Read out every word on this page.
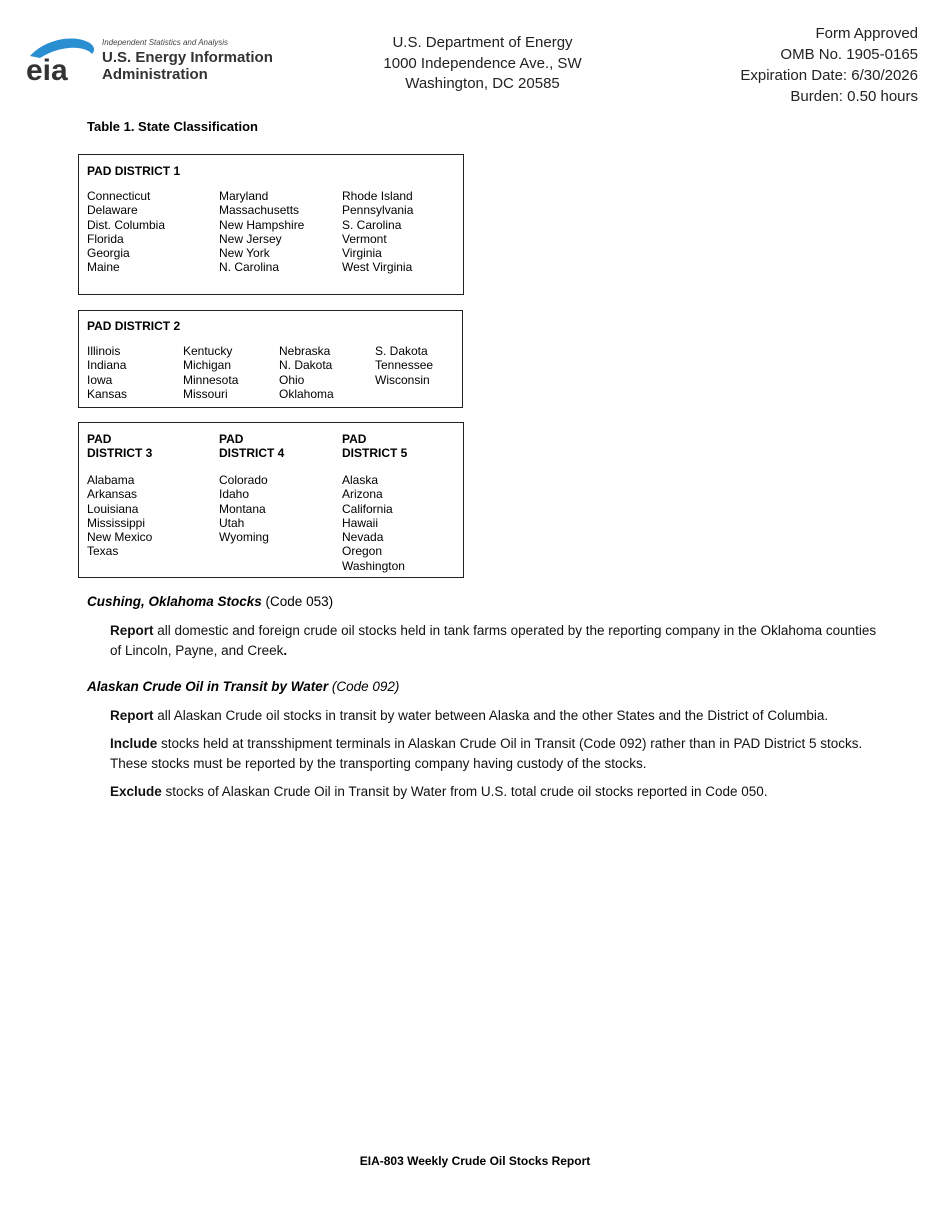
eia
Independent Statistics and Analysis
U.S. Energy Information
Administration
U.S. Department of Energy
1000 Independence Ave., SW
Washington, DC 20585
Form Approved
OMB No. 1905-0165
Expiration Date: 6/30/2026
Burden: 0.50 hours
Table 1. State Classification
PAD DISTRICT 1
Connecticut
Delaware
Dist. Columbia
Florida
Georgia
Maine
Maryland
Massachusetts
New Hampshire
New Jersey
New York
N. Carolina
Rhode Island
Pennsylvania
S. Carolina
Vermont
Virginia
West Virginia
PAD DISTRICT 2
Illinois
Indiana
Iowa
Kansas
Kentucky
Michigan
Minnesota
Missouri
Nebraska
N. Dakota
Ohio
Oklahoma
S. Dakota
Tennessee
Wisconsin
PAD
DISTRICT 3
PAD
DISTRICT 4
PAD
DISTRICT 5
Alabama
Arkansas
Louisiana
Mississippi
New Mexico
Texas
Colorado
Idaho
Montana
Utah
Wyoming
Alaska
Arizona
California
Hawaii
Nevada
Oregon
Washington
Cushing, Oklahoma Stocks (Code 053)
Report all domestic and foreign crude oil stocks held in tank farms operated by the reporting company in the Oklahoma counties of Lincoln, Payne, and Creek.
Alaskan Crude Oil in Transit by Water (Code 092)
Report all Alaskan Crude oil stocks in transit by water between Alaska and the other States and the District of Columbia.
Include stocks held at transshipment terminals in Alaskan Crude Oil in Transit (Code 092) rather than in PAD District 5 stocks. These stocks must be reported by the transporting company having custody of the stocks.
Exclude stocks of Alaskan Crude Oil in Transit by Water from U.S. total crude oil stocks reported in Code 050.
EIA-803 Weekly Crude Oil Stocks Report
